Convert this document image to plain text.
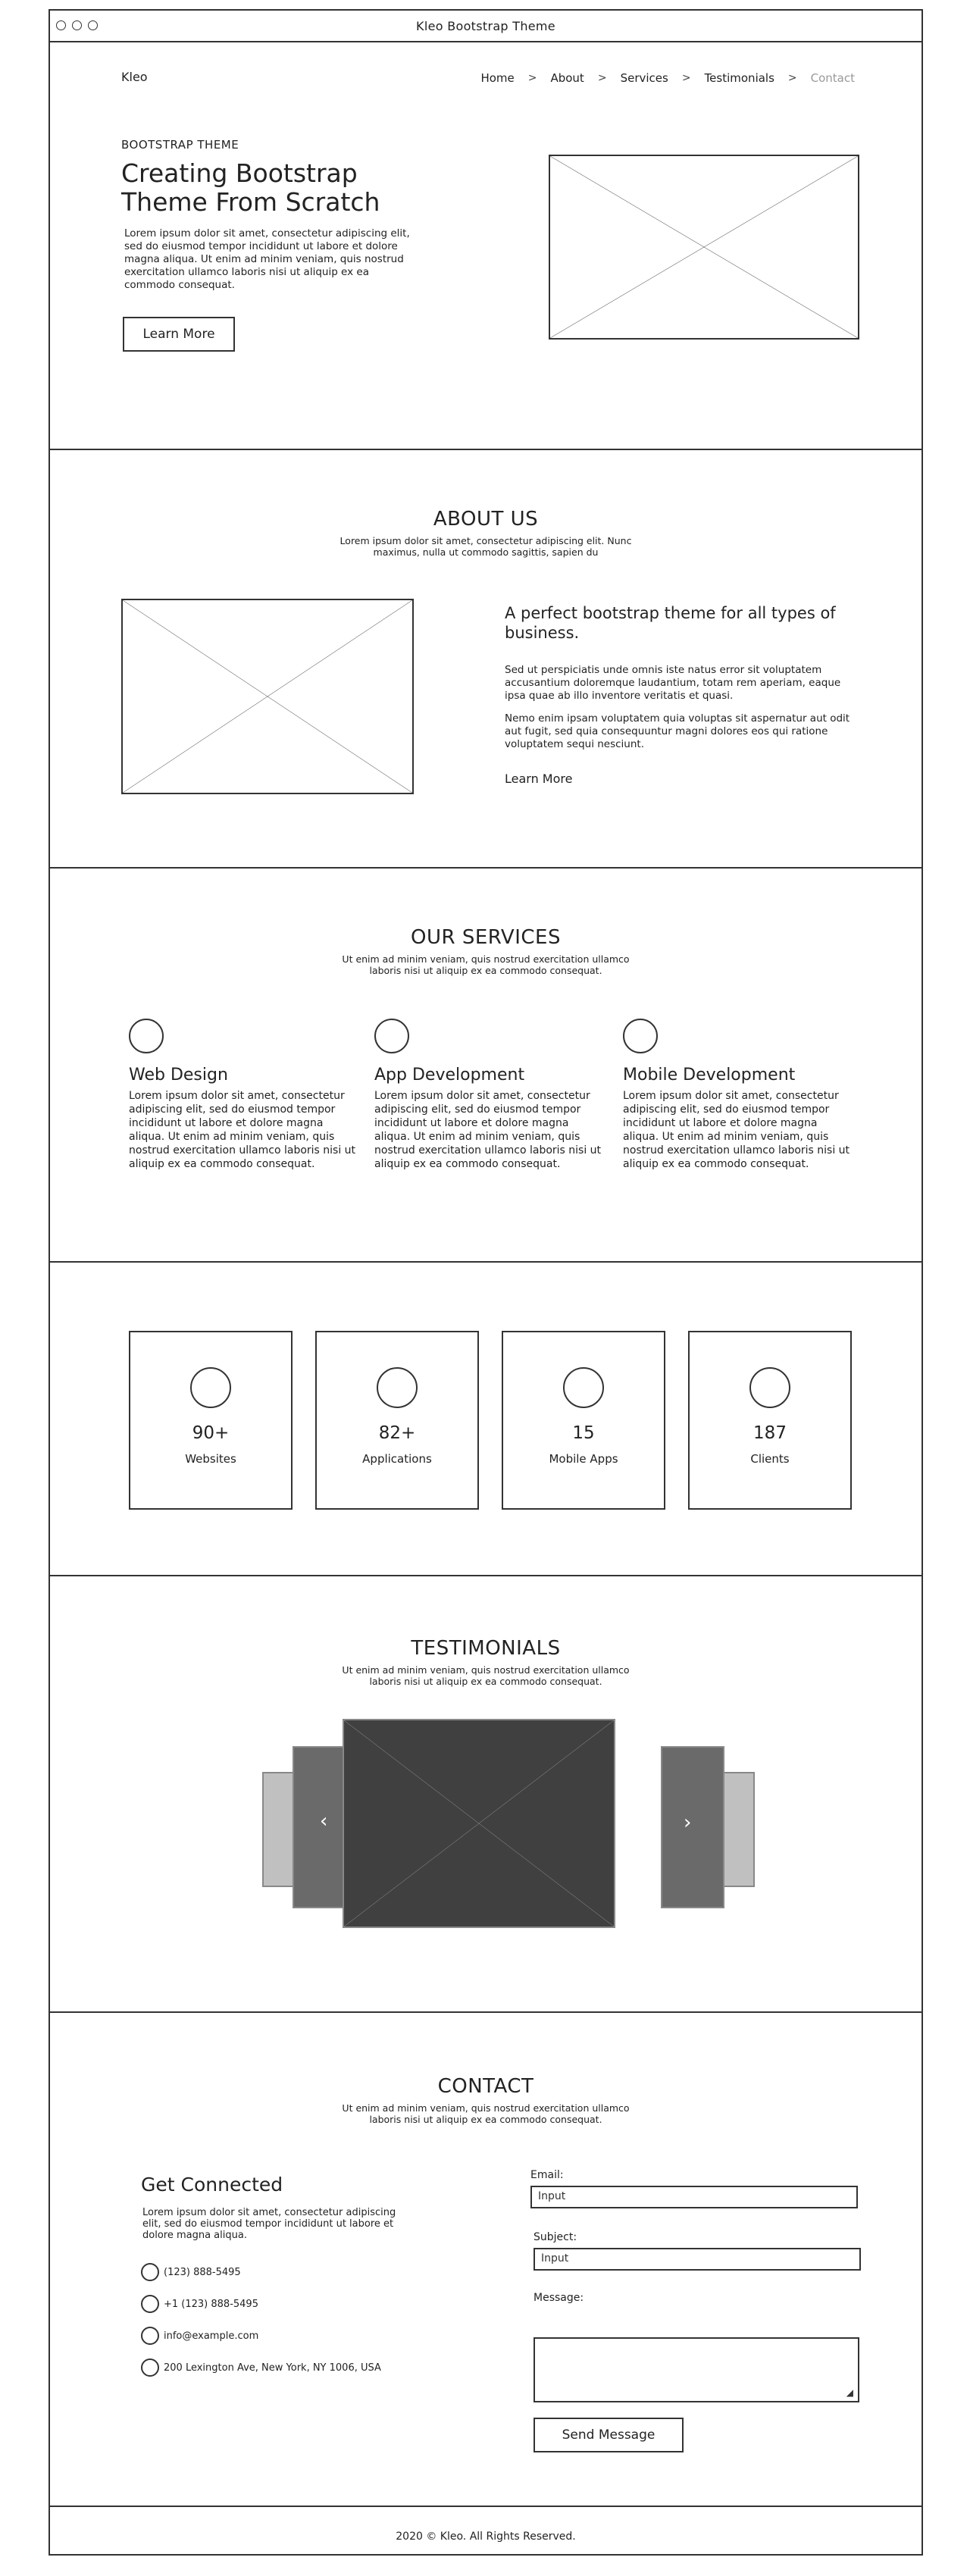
Kleo Bootstrap Theme
Kleo	Home > About > Services > Testimonials > Contact
BOOTSTRAP THEME
Creating Bootstrap Theme From Scratch
Lorem ipsum dolor sit amet, consectetur adipiscing elit, sed do eiusmod tempor incididunt ut labore et dolore magna aliqua. Ut enim ad minim veniam, quis nostrud exercitation ullamco laboris nisi ut aliquip ex ea commodo consequat.
Learn More
ABOUT US
Lorem ipsum dolor sit amet, consectetur adipiscing elit. Nunc maximus, nulla ut commodo sagittis, sapien du
A perfect bootstrap theme for all types of business.

Sed ut perspiciatis unde omnis iste natus error sit voluptatem accusantium doloremque laudantium, totam rem aperiam, eaque ipsa quae ab illo inventore veritatis et quasi.

Nemo enim ipsam voluptatem quia voluptas sit aspernatur aut odit aut fugit, sed quia consequuntur magni dolores eos qui ratione voluptatem sequi nesciunt.

Learn More
OUR SERVICES
Ut enim ad minim veniam, quis nostrud exercitation ullamco laboris nisi ut aliquip ex ea commodo consequat.
Web Design
Lorem ipsum dolor sit amet, consectetur adipiscing elit, sed do eiusmod tempor incididunt ut labore et dolore magna aliqua. Ut enim ad minim veniam, quis nostrud exercitation ullamco laboris nisi ut aliquip ex ea commodo consequat.
App Development
Lorem ipsum dolor sit amet, consectetur adipiscing elit, sed do eiusmod tempor incididunt ut labore et dolore magna aliqua. Ut enim ad minim veniam, quis nostrud exercitation ullamco laboris nisi ut aliquip ex ea commodo consequat.
Mobile Development
Lorem ipsum dolor sit amet, consectetur adipiscing elit, sed do eiusmod tempor incididunt ut labore et dolore magna aliqua. Ut enim ad minim veniam, quis nostrud exercitation ullamco laboris nisi ut aliquip ex ea commodo consequat.
90+
Websites
82+
Applications
15
Mobile Apps
187
Clients
TESTIMONIALS
Ut enim ad minim veniam, quis nostrud exercitation ullamco laboris nisi ut aliquip ex ea commodo consequat.
‹	›
CONTACT
Ut enim ad minim veniam, quis nostrud exercitation ullamco laboris nisi ut aliquip ex ea commodo consequat.
Get Connected
Lorem ipsum dolor sit amet, consectetur adipiscing elit, sed do eiusmod tempor incididunt ut labore et dolore magna aliqua.
(123) 888-5495
+1 (123) 888-5495
info@example.com
200 Lexington Ave, New York, NY 1006, USA
Email:
Input
Subject:
Input
Message:
◢
Send Message
2020 © Kleo. All Rights Reserved.
